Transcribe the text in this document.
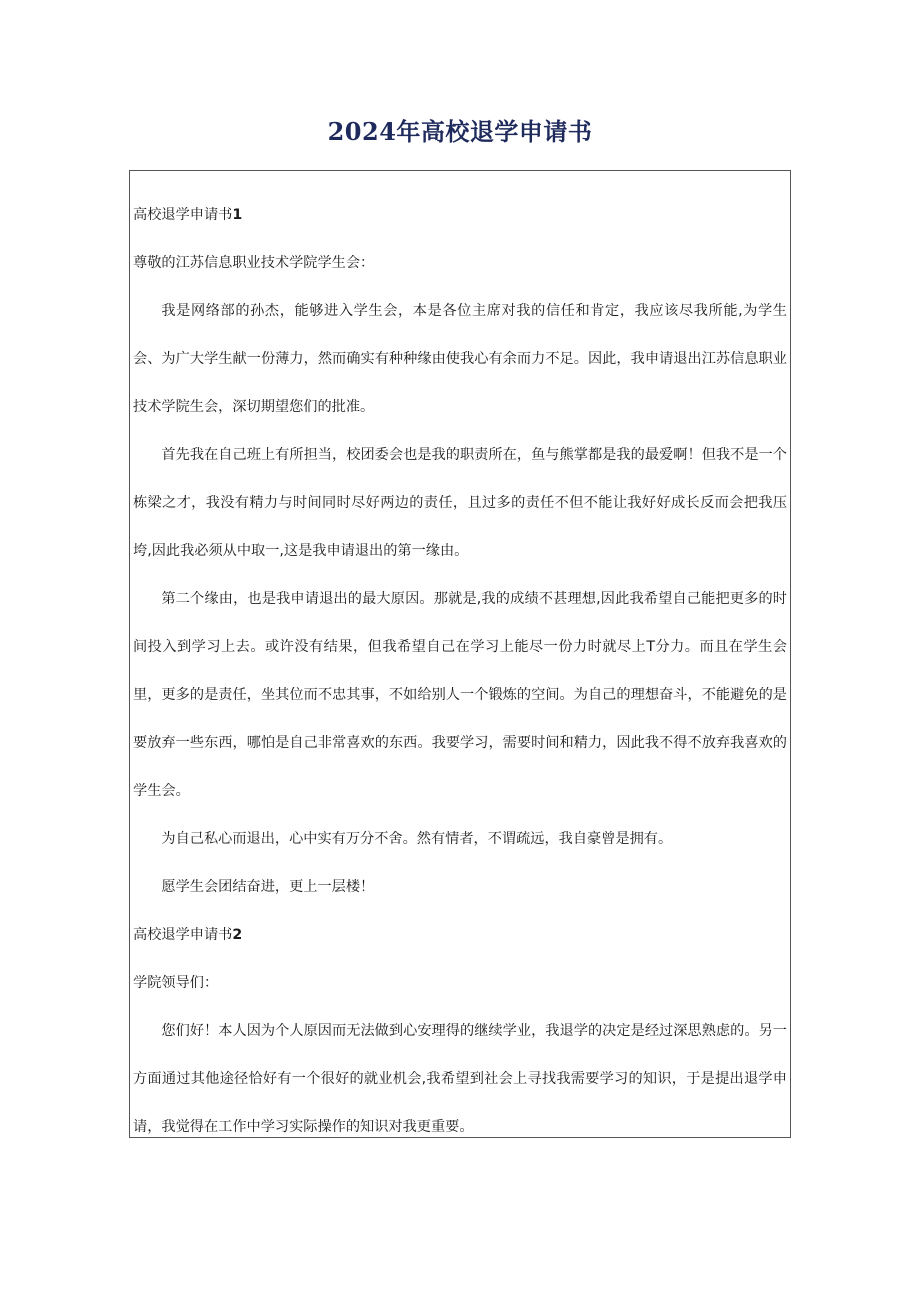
2024年高校退学申请书

高校退学申请书1

尊敬的江苏信息职业技术学院学生会：

我是网络部的孙杰，能够进入学生会，本是各位主席对我的信任和肯定，我应该尽我所能,为学生会、为广大学生献一份薄力，然而确实有种种缘由使我心有余而力不足。因此，我申请退出江苏信息职业技术学院生会，深切期望您们的批准。

首先我在自己班上有所担当，校团委会也是我的职责所在，鱼与熊掌都是我的最爱啊！但我不是一个栋梁之才，我没有精力与时间同时尽好两边的责任，且过多的责任不但不能让我好好成长反而会把我压垮,因此我必须从中取一,这是我申请退出的第一缘由。

第二个缘由，也是我申请退出的最大原因。那就是,我的成绩不甚理想,因此我希望自己能把更多的时间投入到学习上去。或许没有结果，但我希望自己在学习上能尽一份力时就尽上T分力。而且在学生会里，更多的是责任，坐其位而不忠其事，不如给别人一个锻炼的空间。为自己的理想奋斗，不能避免的是要放弃一些东西，哪怕是自己非常喜欢的东西。我要学习，需要时间和精力，因此我不得不放弃我喜欢的学生会。

为自己私心而退出，心中实有万分不舍。然有情者，不谓疏远，我自豪曾是拥有。

愿学生会团结奋进，更上一层楼！

高校退学申请书2

学院领导们：

您们好！本人因为个人原因而无法做到心安理得的继续学业，我退学的决定是经过深思熟虑的。另一方面通过其他途径恰好有一个很好的就业机会,我希望到社会上寻找我需要学习的知识，于是提出退学申请，我觉得在工作中学习实际操作的知识对我更重要。
